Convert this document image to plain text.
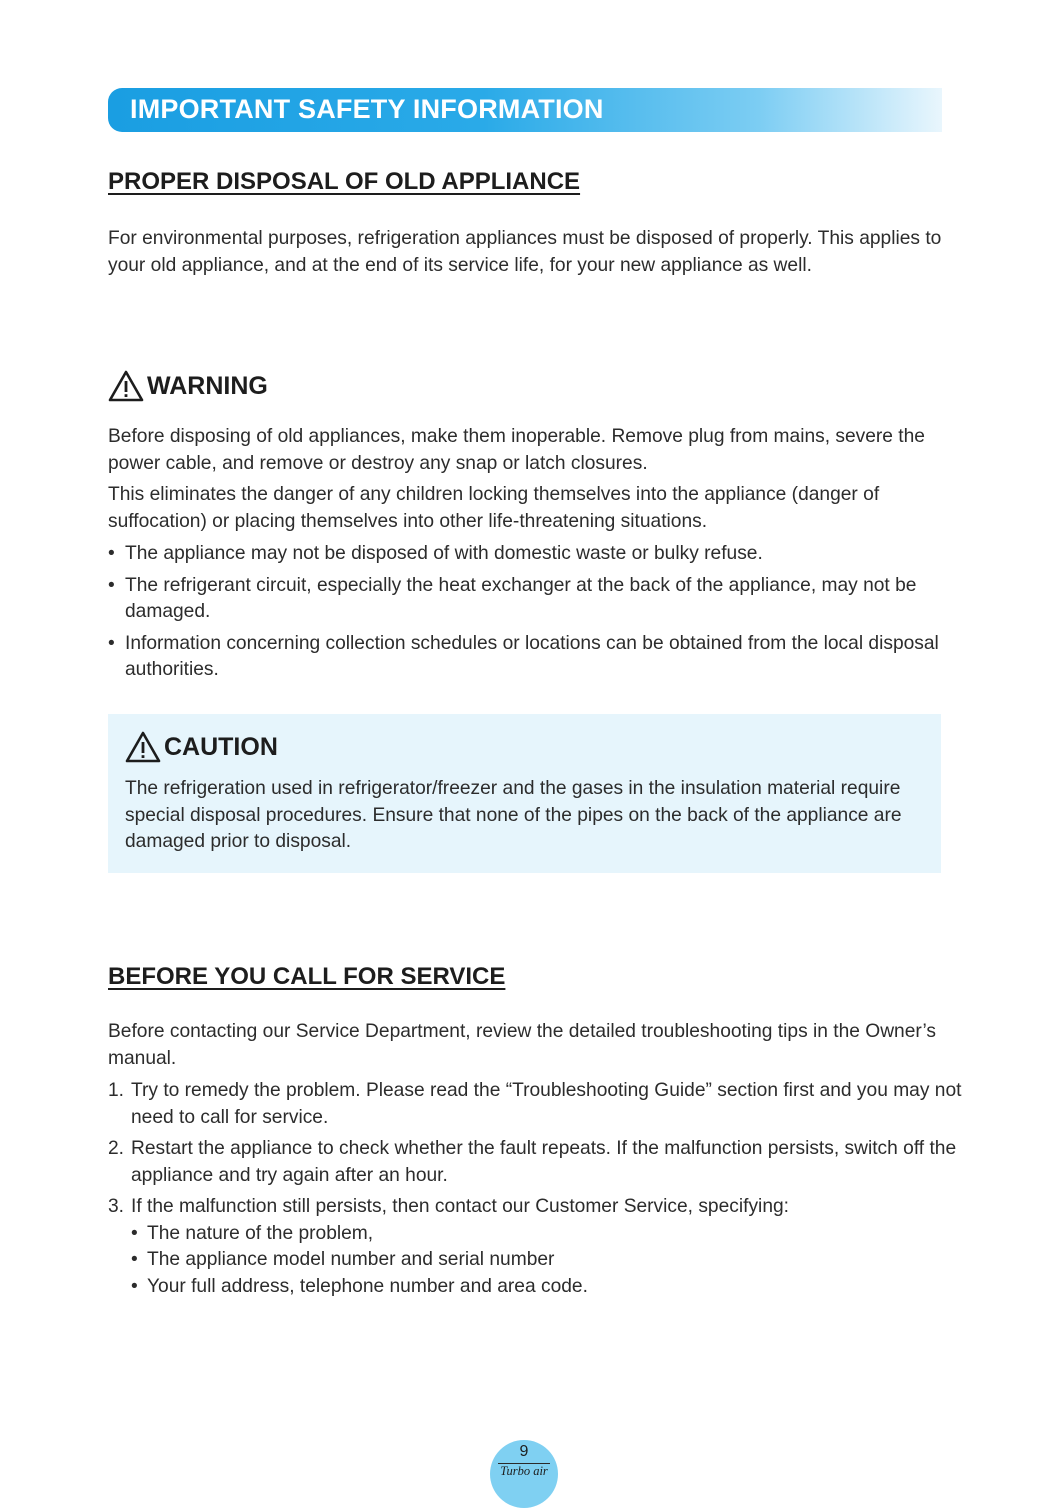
IMPORTANT SAFETY INFORMATION
PROPER DISPOSAL OF OLD APPLIANCE

For environmental purposes, refrigeration appliances must be disposed of properly. This applies to your old appliance, and at the end of its service life, for your new appliance as well.

WARNING

Before disposing of old appliances, make them inoperable. Remove plug from mains, severe the power cable, and remove or destroy any snap or latch closures.

This eliminates the danger of any children locking themselves into the appliance (danger of suffocation) or placing themselves into other life-threatening situations.

• The appliance may not be disposed of with domestic waste or bulky refuse.
• The refrigerant circuit, especially the heat exchanger at the back of the appliance, may not be damaged.
• Information concerning collection schedules or locations can be obtained from the local disposal authorities.
CAUTION

The refrigeration used in refrigerator/freezer and the gases in the insulation material require special disposal procedures. Ensure that none of the pipes on the back of the appliance are damaged prior to disposal.

BEFORE YOU CALL FOR SERVICE

Before contacting our Service Department, review the detailed troubleshooting tips in the Owner’s manual.

1. Try to remedy the problem. Please read the “Troubleshooting Guide” section first and you may not need to call for service.
2. Restart the appliance to check whether the fault repeats. If the malfunction persists, switch off the appliance and try again after an hour.
3. If the malfunction still persists, then contact our Customer Service, specifying:
• The nature of the problem,
• The appliance model number and serial number
• Your full address, telephone number and area code.
9
Turbo air
